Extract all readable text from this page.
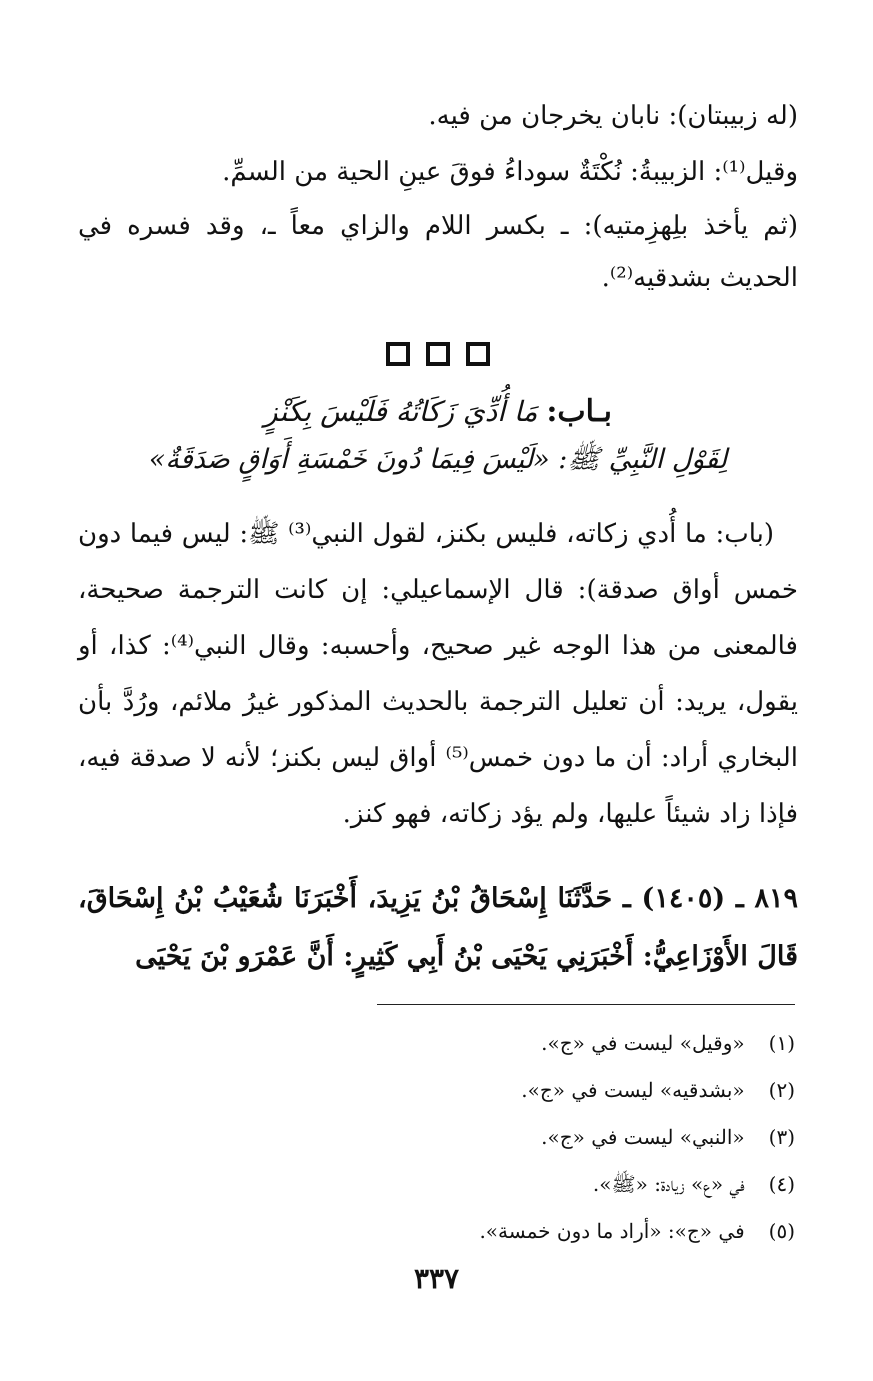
(له زبيبتان): نابان يخرجان من فيه.

وقيل⁽¹⁾: الزبيبةُ: نُكْتَةٌ سوداءُ فوقَ عينِ الحية من السمِّ.

(ثم يأخذ بلِهزِمتيه): ـ بكسر اللام والزاي معاً ـ، وقد فسره في الحديث بشدقيه⁽²⁾.

بـاب: مَا أُدِّيَ زَكَاتُهُ فَلَيْسَ بِكَنْزٍ

لِقَوْلِ النَّبِيِّ ﷺ: «لَيْسَ فِيمَا دُونَ خَمْسَةِ أَوَاقٍ صَدَقَةٌ»

(باب: ما أُدي زكاته، فليس بكنز، لقول النبي⁽³⁾ ﷺ: ليس فيما دون خمس أواق صدقة): قال الإسماعيلي: إن كانت الترجمة صحيحة، فالمعنى من هذا الوجه غير صحيح، وأحسبه: وقال النبي⁽⁴⁾: كذا، أو يقول، يريد: أن تعليل الترجمة بالحديث المذكور غيرُ ملائم، ورُدَّ بأن البخاري أراد: أن ما دون خمس⁽⁵⁾ أواق ليس بكنز؛ لأنه لا صدقة فيه، فإذا زاد شيئاً عليها، ولم يؤد زكاته، فهو كنز.

٨١٩ ـ (١٤٠٥) ـ حَدَّثَنَا إِسْحَاقُ بْنُ يَزِيدَ، أَخْبَرَنَا شُعَيْبُ بْنُ إِسْحَاقَ، قَالَ الأَوْزَاعِيُّ: أَخْبَرَنِي يَحْيَى بْنُ أَبِي كَثِيرٍ: أَنَّ عَمْرَو بْنَ يَحْيَى

(١) «وقيل» ليست في «ج».

(٢) «بشدقيه» ليست في «ج».

(٣) «النبي» ليست في «ج».

(٤) في «ع» زيادة: «ﷺ».

(٥) في «ج»: «أراد ما دون خمسة».

٣٣٧
